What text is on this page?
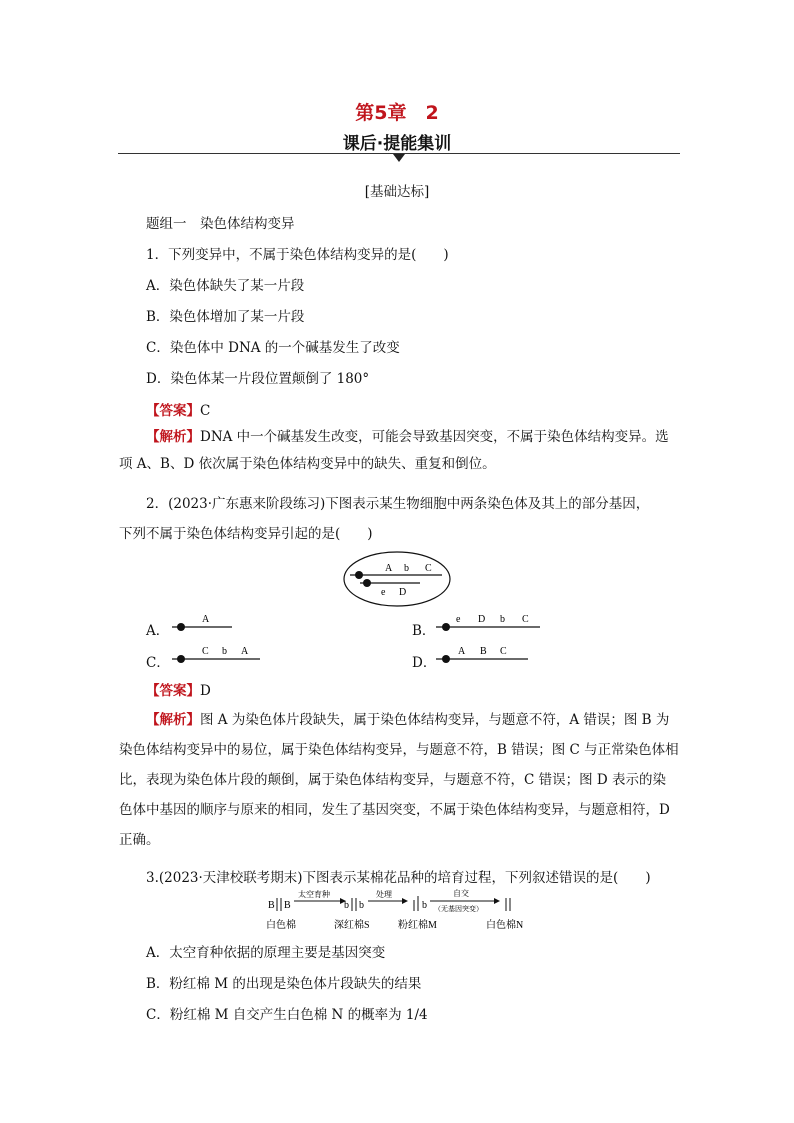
第5章　2
课后·提能集训
[基础达标]
题组一　染色体结构变异
1．下列变异中，不属于染色体结构变异的是(　　)
A．染色体缺失了某一片段
B．染色体增加了某一片段
C．染色体中 DNA 的一个碱基发生了改变
D．染色体某一片段位置颠倒了 180°
【答案】C
【解析】DNA 中一个碱基发生改变，可能会导致基因突变，不属于染色体结构变异。选项 A、B、D 依次属于染色体结构变异中的缺失、重复和倒位。
2．(2023·广东惠来阶段练习)下图表示某生物细胞中两条染色体及其上的部分基因，
下列不属于染色体结构变异引起的是(　　)
A b C
e D
A．
A
B．
e D b C
C．
C b A
D．
A B C
【答案】D
【解析】图 A 为染色体片段缺失，属于染色体结构变异，与题意不符，A 错误；图 B 为染色体结构变异中的易位，属于染色体结构变异，与题意不符，B 错误；图 C 与正常染色体相比，表现为染色体片段的颠倒，属于染色体结构变异，与题意不符，C 错误；图 D 表示的染色体中基因的顺序与原来的相同，发生了基因突变，不属于染色体结构变异，与题意相符，D 正确。
3.(2023·天津校联考期末)下图表示某棉花品种的培育过程，下列叙述错误的是(　　)
B B
太空育种
b b
处理
b
自交
（无基因突变）
白色棉	深红棉S	粉红棉M	白色棉N
A．太空育种依据的原理主要是基因突变
B．粉红棉 M 的出现是染色体片段缺失的结果
C．粉红棉 M 自交产生白色棉 N 的概率为 1/4
